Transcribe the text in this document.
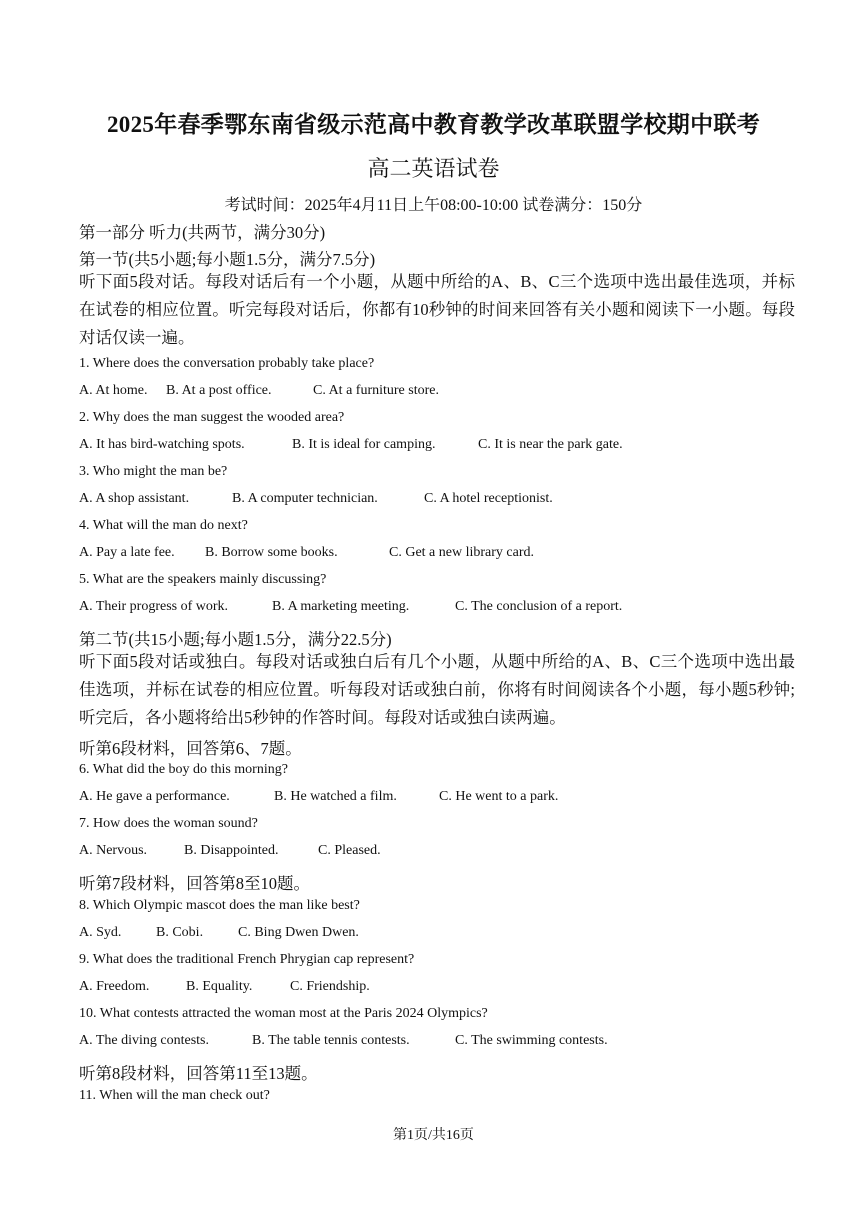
2025年春季鄂东南省级示范高中教育教学改革联盟学校期中联考
高二英语试卷
考试时间：2025年4月11日上午08:00-10:00 试卷满分：150分
第一部分 听力(共两节，满分30分)
第一节(共5小题;每小题1.5分，满分7.5分)
听下面5段对话。每段对话后有一个小题，从题中所给的A、B、C三个选项中选出最佳选项，并标在试卷的相应位置。听完每段对话后，你都有10秒钟的时间来回答有关小题和阅读下一小题。每段对话仅读一遍。
1. Where does the conversation probably take place?
A. At home.	B. At a post office.	C. At a furniture store.
2. Why does the man suggest the wooded area?
A. It has bird-watching spots.	B. It is ideal for camping.	C. It is near the park gate.
3. Who might the man be?
A. A shop assistant.	B. A computer technician.	C. A hotel receptionist.
4. What will the man do next?
A. Pay a late fee.	B. Borrow some books.	C. Get a new library card.
5. What are the speakers mainly discussing?
A. Their progress of work.	B. A marketing meeting.	C. The conclusion of a report.
第二节(共15小题;每小题1.5分，满分22.5分)
听下面5段对话或独白。每段对话或独白后有几个小题，从题中所给的A、B、C三个选项中选出最佳选项，并标在试卷的相应位置。听每段对话或独白前，你将有时间阅读各个小题，每小题5秒钟;听完后，各小题将给出5秒钟的作答时间。每段对话或独白读两遍。
听第6段材料，回答第6、7题。
6. What did the boy do this morning?
A. He gave a performance.	B. He watched a film.	C. He went to a park.
7. How does the woman sound?
A. Nervous.	B. Disappointed.	C. Pleased.
听第7段材料，回答第8至10题。
8. Which Olympic mascot does the man like best?
A. Syd.	B. Cobi.	C. Bing Dwen Dwen.
9. What does the traditional French Phrygian cap represent?
A. Freedom.	B. Equality.	C. Friendship.
10. What contests attracted the woman most at the Paris 2024 Olympics?
A. The diving contests.	B. The table tennis contests.	C. The swimming contests.
听第8段材料，回答第11至13题。
11. When will the man check out?
第1页/共16页
